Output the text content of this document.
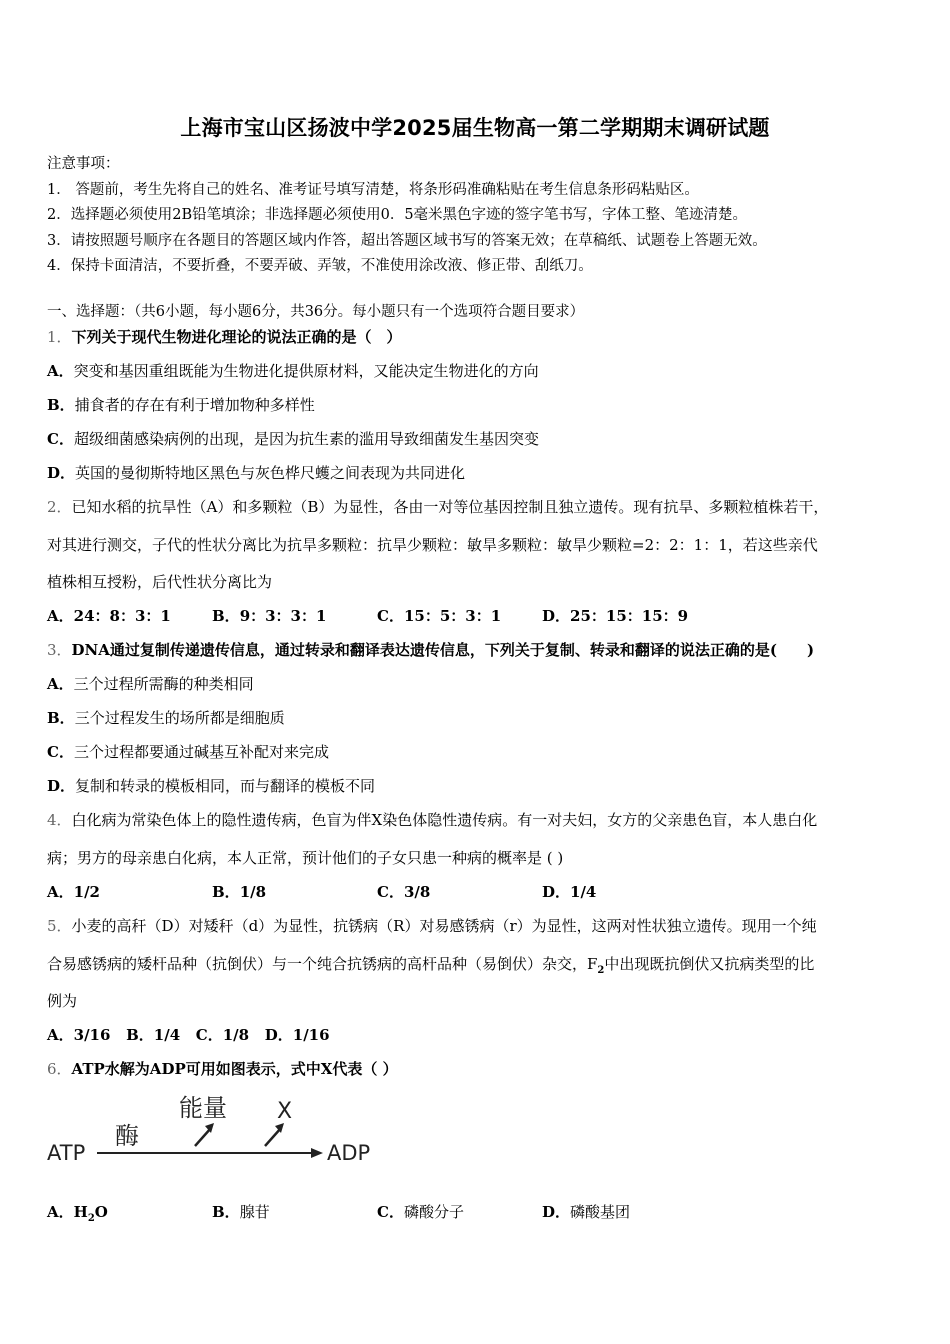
上海市宝山区扬波中学2025届生物高一第二学期期末调研试题
注意事项：
1． 答题前，考生先将自己的姓名、准考证号填写清楚，将条形码准确粘贴在考生信息条形码粘贴区。
2．选择题必须使用2B铅笔填涂；非选择题必须使用0．5毫米黑色字迹的签字笔书写，字体工整、笔迹清楚。
3．请按照题号顺序在各题目的答题区域内作答，超出答题区域书写的答案无效；在草稿纸、试题卷上答题无效。
4．保持卡面清洁，不要折叠，不要弄破、弄皱，不准使用涂改液、修正带、刮纸刀。
一、选择题：（共6小题，每小题6分，共36分。每小题只有一个选项符合题目要求）
1．下列关于现代生物进化理论的说法正确的是（　）
A．突变和基因重组既能为生物进化提供原材料，又能决定生物进化的方向
B．捕食者的存在有利于增加物种多样性
C．超级细菌感染病例的出现，是因为抗生素的滥用导致细菌发生基因突变
D．英国的曼彻斯特地区黑色与灰色桦尺蠖之间表现为共同进化
2．已知水稻的抗旱性（A）和多颗粒（B）为显性，各由一对等位基因控制且独立遗传。现有抗旱、多颗粒植株若干，
对其进行测交，子代的性状分离比为抗旱多颗粒：抗旱少颗粒：敏旱多颗粒：敏旱少颗粒=2：2：1：1，若这些亲代
植株相互授粉，后代性状分离比为
A．24：8：3：1	B．9：3：3：1	C．15：5：3：1	D．25：15：15：9
3．DNA通过复制传递遗传信息，通过转录和翻译表达遗传信息，下列关于复制、转录和翻译的说法正确的是(　　)
A．三个过程所需酶的种类相同
B．三个过程发生的场所都是细胞质
C．三个过程都要通过碱基互补配对来完成
D．复制和转录的模板相同，而与翻译的模板不同
4．白化病为常染色体上的隐性遗传病，色盲为伴X染色体隐性遗传病。有一对夫妇，女方的父亲患色盲，本人患白化
病；男方的母亲患白化病，本人正常，预计他们的子女只患一种病的概率是 ( )
A．1/2	B．1/8	C．3/8	D．1/4
5．小麦的高秆（D）对矮秆（d）为显性，抗锈病（R）对易感锈病（r）为显性，这两对性状独立遗传。现用一个纯
合易感锈病的矮杆品种（抗倒伏）与一个纯合抗锈病的高杆品种（易倒伏）杂交，$F_2$中出现既抗倒伏又抗病类型的比
例为
A．3/16   B．1/4   C．1/8   D．1/16
6．ATP水解为ADP可用如图表示，式中X代表（ ）
ATP
酶
能量 X
ADP
A．$H_2O$	B．腺苷	C．磷酸分子	D．磷酸基团
